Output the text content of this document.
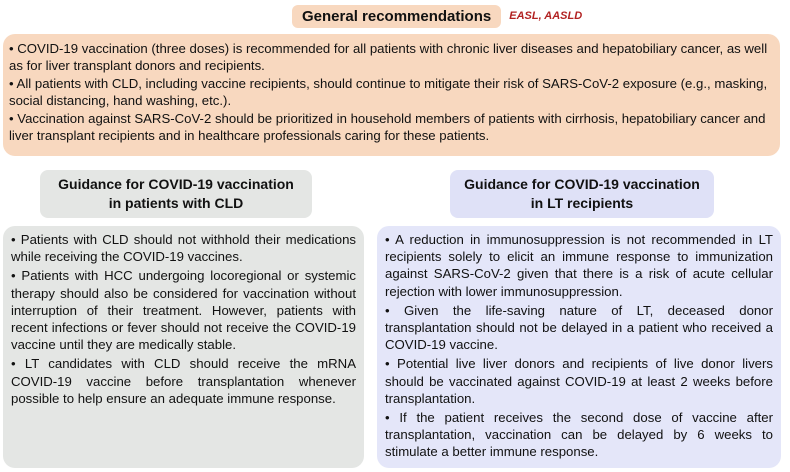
General recommendations	EASL, AASLD

• COVID-19 vaccination (three doses) is recommended for all patients with chronic liver diseases and hepatobiliary cancer, as well as for liver transplant donors and recipients.

• All patients with CLD, including vaccine recipients, should continue to mitigate their risk of SARS-CoV-2 exposure (e.g., masking, social distancing, hand washing, etc.).

• Vaccination against SARS-CoV-2 should be prioritized in household members of patients with cirrhosis, hepatobiliary cancer and liver transplant recipients and in healthcare professionals caring for these patients.

Guidance for COVID-19 vaccination
in patients with CLD
Guidance for COVID-19 vaccination
in LT recipients

• Patients with CLD should not withhold their medications while receiving the COVID-19 vaccines.

• Patients with HCC undergoing locoregional or systemic therapy should also be considered for vaccination without interruption of their treatment. However, patients with recent infections or fever should not receive the COVID-19 vaccine until they are medically stable.

• LT candidates with CLD should receive the mRNA COVID-19 vaccine before transplantation whenever possible to help ensure an adequate immune response.

• A reduction in immunosuppression is not recommended in LT recipients solely to elicit an immune response to immunization against SARS-CoV-2 given that there is a risk of acute cellular rejection with lower immunosuppression.

• Given the life-saving nature of LT, deceased donor transplantation should not be delayed in a patient who received a COVID-19 vaccine.

• Potential live liver donors and recipients of live donor livers should be vaccinated against COVID-19 at least 2 weeks before transplantation.

• If the patient receives the second dose of vaccine after transplantation, vaccination can be delayed by 6 weeks to stimulate a better immune response.
